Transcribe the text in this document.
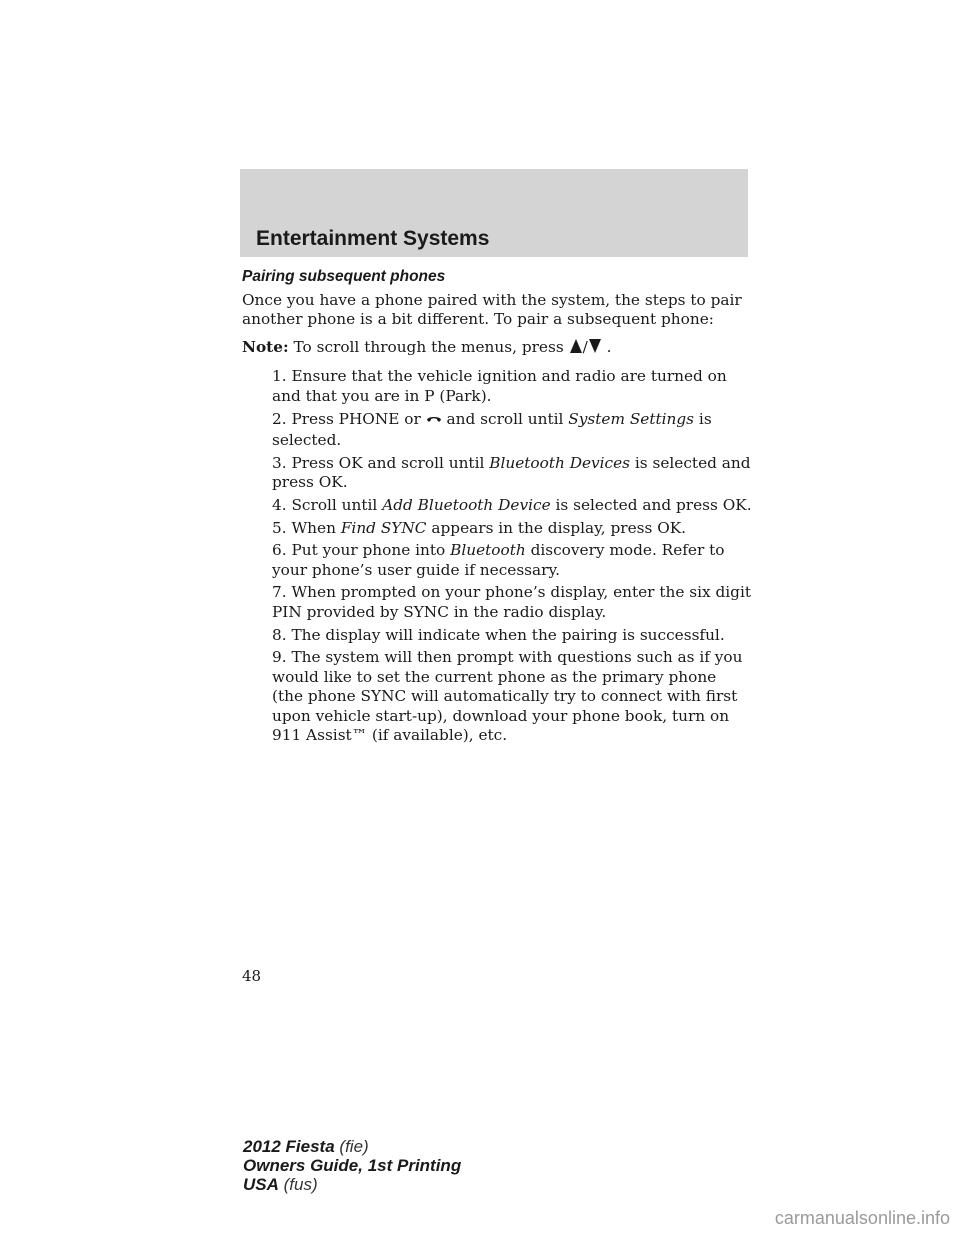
Entertainment Systems
Pairing subsequent phones

Once you have a phone paired with the system, the steps to pair another phone is a bit different. To pair a subsequent phone:

Note: To scroll through the menus, press / .

1. Ensure that the vehicle ignition and radio are turned on and that you are in P (Park).

2. Press PHONE or and scroll until System Settings is selected.

3. Press OK and scroll until Bluetooth Devices is selected and press OK.

4. Scroll until Add Bluetooth Device is selected and press OK.

5. When Find SYNC appears in the display, press OK.

6. Put your phone into Bluetooth discovery mode. Refer to your phone’s user guide if necessary.

7. When prompted on your phone’s display, enter the six digit PIN provided by SYNC in the radio display.

8. The display will indicate when the pairing is successful.

9. The system will then prompt with questions such as if you would like to set the current phone as the primary phone (the phone SYNC will automatically try to connect with first upon vehicle start-up), download your phone book, turn on 911 Assist™ (if available), etc.

48
2012 Fiesta (fie)
Owners Guide, 1st Printing
USA (fus)
carmanualsonline.info
